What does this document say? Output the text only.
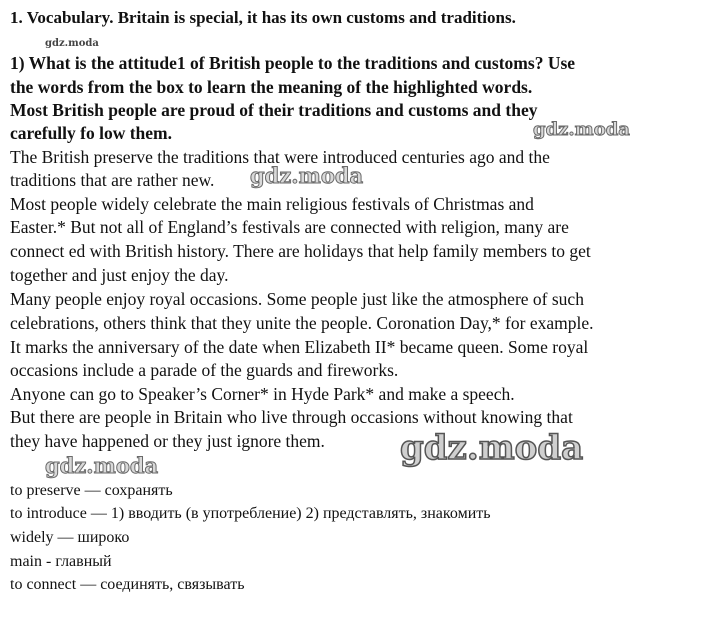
1. Vocabulary. Britain is special, it has its own customs and traditions.
gdz.moda
1) What is the attitude1 of British people to the traditions and customs? Use
the words from the box to learn the meaning of the highlighted words.
Most British people are proud of their traditions and customs and they
carefully fo low them.	gdz.moda
The British preserve the traditions that were introduced centuries ago and the
traditions that are rather new. gdz.moda
Most people widely celebrate the main religious festivals of Christmas and
Easter.* But not all of England’s festivals are connected with religion, many are
connect ed with British history. There are holidays that help family members to get
together and just enjoy the day.
Many people enjoy royal occasions. Some people just like the atmosphere of such
celebrations, others think that they unite the people. Coronation Day,* for example.
It marks the anniversary of the date when Elizabeth II* became queen. Some royal
occasions include a parade of the guards and fireworks.
Anyone can go to Speaker’s Corner* in Hyde Park* and make a speech.
But there are people in Britain who live through occasions without knowing that
they have happened or they just ignore them. gdz.moda
gdz.moda
to preserve — сохранять
to introduce — 1) вводить (в употребление) 2) представлять, знакомить
widely — широко
main - главный
to connect — соединять, связывать
